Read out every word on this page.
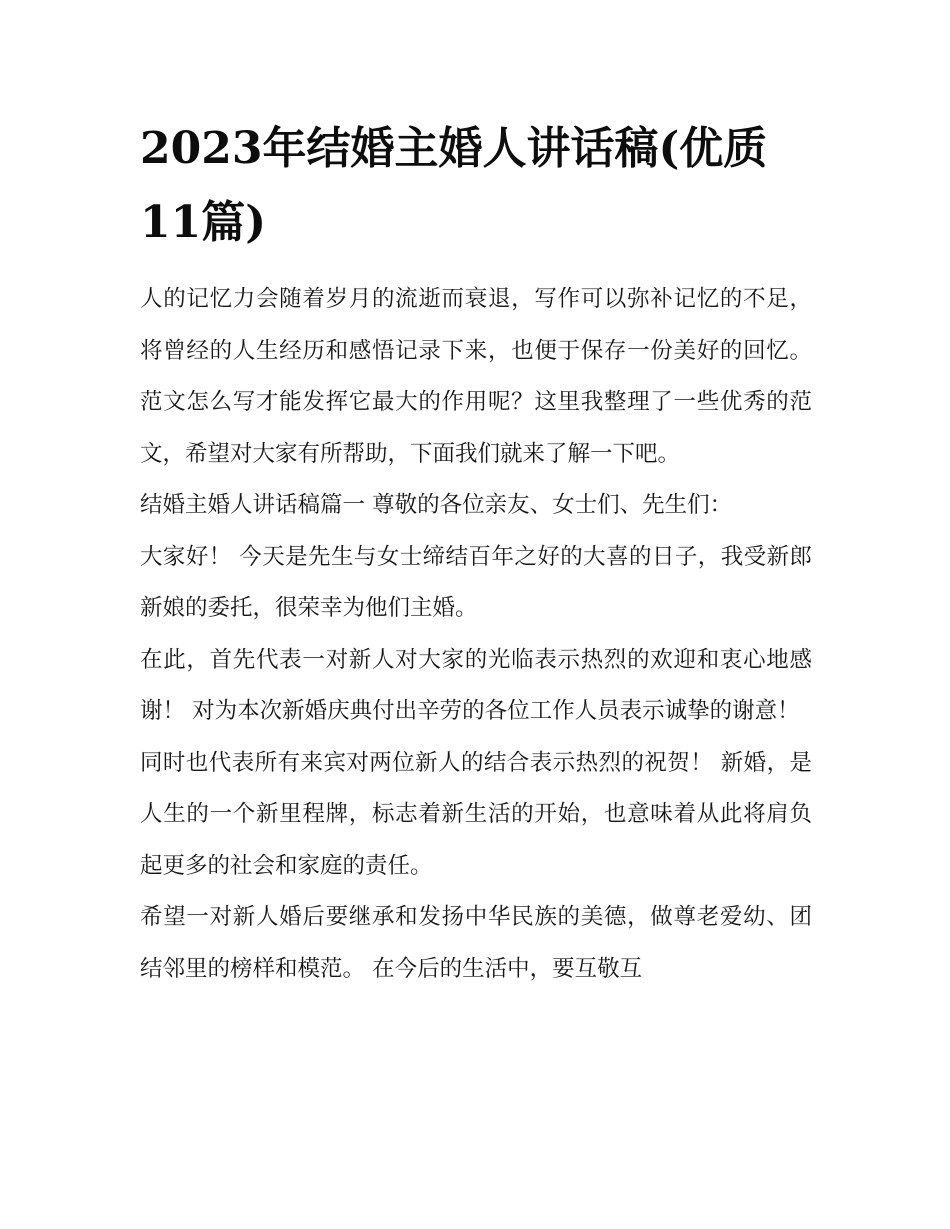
2023年结婚主婚人讲话稿(优质11篇)

人的记忆力会随着岁月的流逝而衰退，写作可以弥补记忆的不足，将曾经的人生经历和感悟记录下来，也便于保存一份美好的回忆。范文怎么写才能发挥它最大的作用呢？这里我整理了一些优秀的范文，希望对大家有所帮助，下面我们就来了解一下吧。

结婚主婚人讲话稿篇一 尊敬的各位亲友、女士们、先生们：

大家好！ 今天是先生与女士缔结百年之好的大喜的日子，我受新郎新娘的委托，很荣幸为他们主婚。

在此，首先代表一对新人对大家的光临表示热烈的欢迎和衷心地感谢！ 对为本次新婚庆典付出辛劳的各位工作人员表示诚挚的谢意！

同时也代表所有来宾对两位新人的结合表示热烈的祝贺！ 新婚，是人生的一个新里程牌，标志着新生活的开始，也意味着从此将肩负起更多的社会和家庭的责任。

希望一对新人婚后要继承和发扬中华民族的美德，做尊老爱幼、团结邻里的榜样和模范。 在今后的生活中，要互敬互
